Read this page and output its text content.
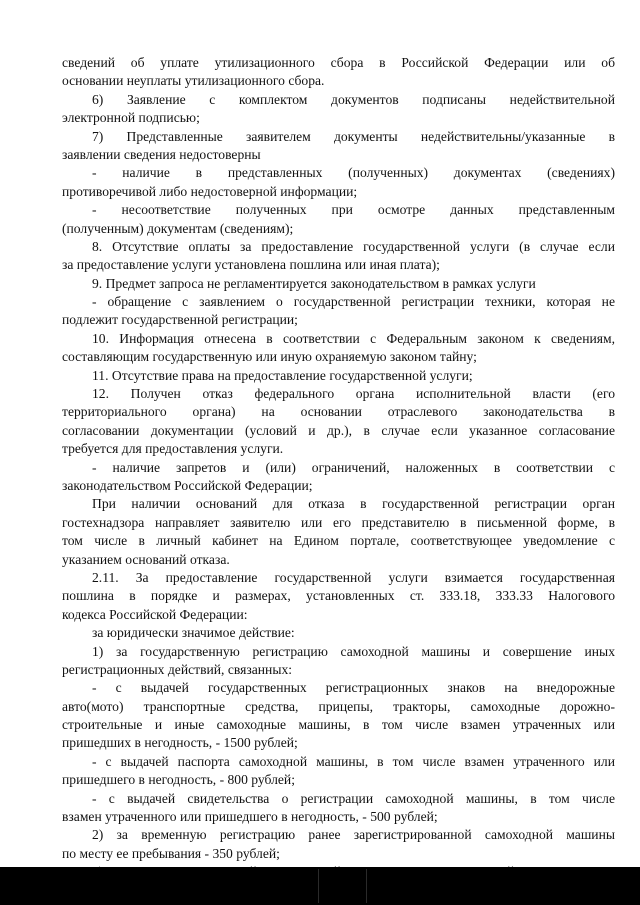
сведений об уплате утилизационного сбора в Российской Федерации или об
основании неуплаты утилизационного сбора.
6) Заявление с комплектом документов подписаны недействительной
электронной подписью;
7) Представленные заявителем документы недействительны/указанные в
заявлении сведения недостоверны
- наличие в представленных (полученных) документах (сведениях)
противоречивой либо недостоверной информации;
- несоответствие полученных при осмотре данных представленным
(полученным) документам (сведениям);
8. Отсутствие оплаты за предоставление государственной услуги (в случае если
за предоставление услуги установлена пошлина или иная плата);
9. Предмет запроса не регламентируется законодательством в рамках услуги
- обращение с заявлением о государственной регистрации техники, которая не
подлежит государственной регистрации;
10. Информация отнесена в соответствии с Федеральным законом к сведениям,
составляющим государственную или иную охраняемую законом тайну;
11. Отсутствие права на предоставление государственной услуги;
12. Получен отказ федерального органа исполнительной власти (его
территориального органа) на основании отраслевого законодательства в
согласовании документации (условий и др.), в случае если указанное согласование
требуется для предоставления услуги.
- наличие запретов и (или) ограничений, наложенных в соответствии с
законодательством Российской Федерации;
При наличии оснований для отказа в государственной регистрации орган
гостехнадзора направляет заявителю или его представителю в письменной форме, в
том числе в личный кабинет на Едином портале, соответствующее уведомление с
указанием оснований отказа.
2.11. За предоставление государственной услуги взимается государственная
пошлина в порядке и размерах, установленных ст. 333.18, 333.33 Налогового
кодекса Российской Федерации:
за юридически значимое действие:
1) за государственную регистрацию самоходной машины и совершение иных
регистрационных действий, связанных:
- с выдачей государственных регистрационных знаков на внедорожные
авто(мото) транспортные средства, прицепы, тракторы, самоходные дорожно-
строительные и иные самоходные машины, в том числе взамен утраченных или
пришедших в негодность, - 1500 рублей;
- с выдачей паспорта самоходной машины, в том числе взамен утраченного или
пришедшего в негодность, - 800 рублей;
- с выдачей свидетельства о регистрации самоходной машины, в том числе
взамен утраченного или пришедшего в негодность, - 500 рублей;
2) за временную регистрацию ранее зарегистрированной самоходной машины
по месту ее пребывания - 350 рублей;
